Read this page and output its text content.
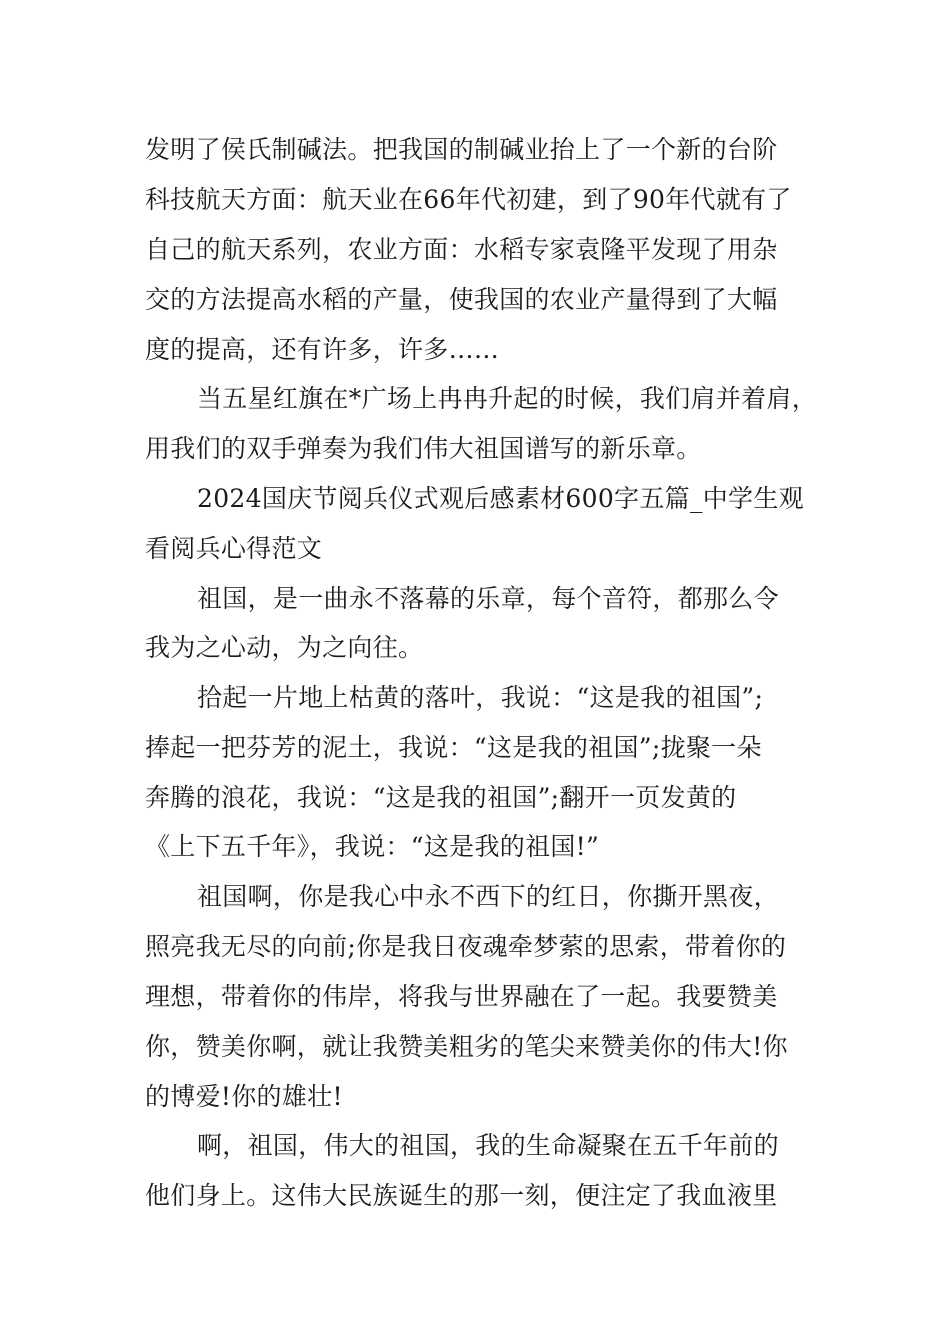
发明了侯氏制碱法。把我国的制碱业抬上了一个新的台阶
科技航天方面：航天业在66年代初建，到了90年代就有了
自己的航天系列，农业方面：水稻专家袁隆平发现了用杂
交的方法提高水稻的产量，使我国的农业产量得到了大幅
度的提高，还有许多，许多……
当五星红旗在*广场上冉冉升起的时候，我们肩并着肩，
用我们的双手弹奏为我们伟大祖国谱写的新乐章。
2024国庆节阅兵仪式观后感素材600字五篇_中学生观
看阅兵心得范文
祖国，是一曲永不落幕的乐章，每个音符，都那么令
我为之心动，为之向往。
拾起一片地上枯黄的落叶，我说：“这是我的祖国”;
捧起一把芬芳的泥土，我说：“这是我的祖国”;拢聚一朵
奔腾的浪花，我说：“这是我的祖国”;翻开一页发黄的
《上下五千年》，我说：“这是我的祖国!”
祖国啊，你是我心中永不西下的红日，你撕开黑夜，
照亮我无尽的向前;你是我日夜魂牵梦萦的思索，带着你的
理想，带着你的伟岸，将我与世界融在了一起。我要赞美
你，赞美你啊，就让我赞美粗劣的笔尖来赞美你的伟大!你
的博爱!你的雄壮!
啊，祖国，伟大的祖国，我的生命凝聚在五千年前的
他们身上。这伟大民族诞生的那一刻，便注定了我血液里
